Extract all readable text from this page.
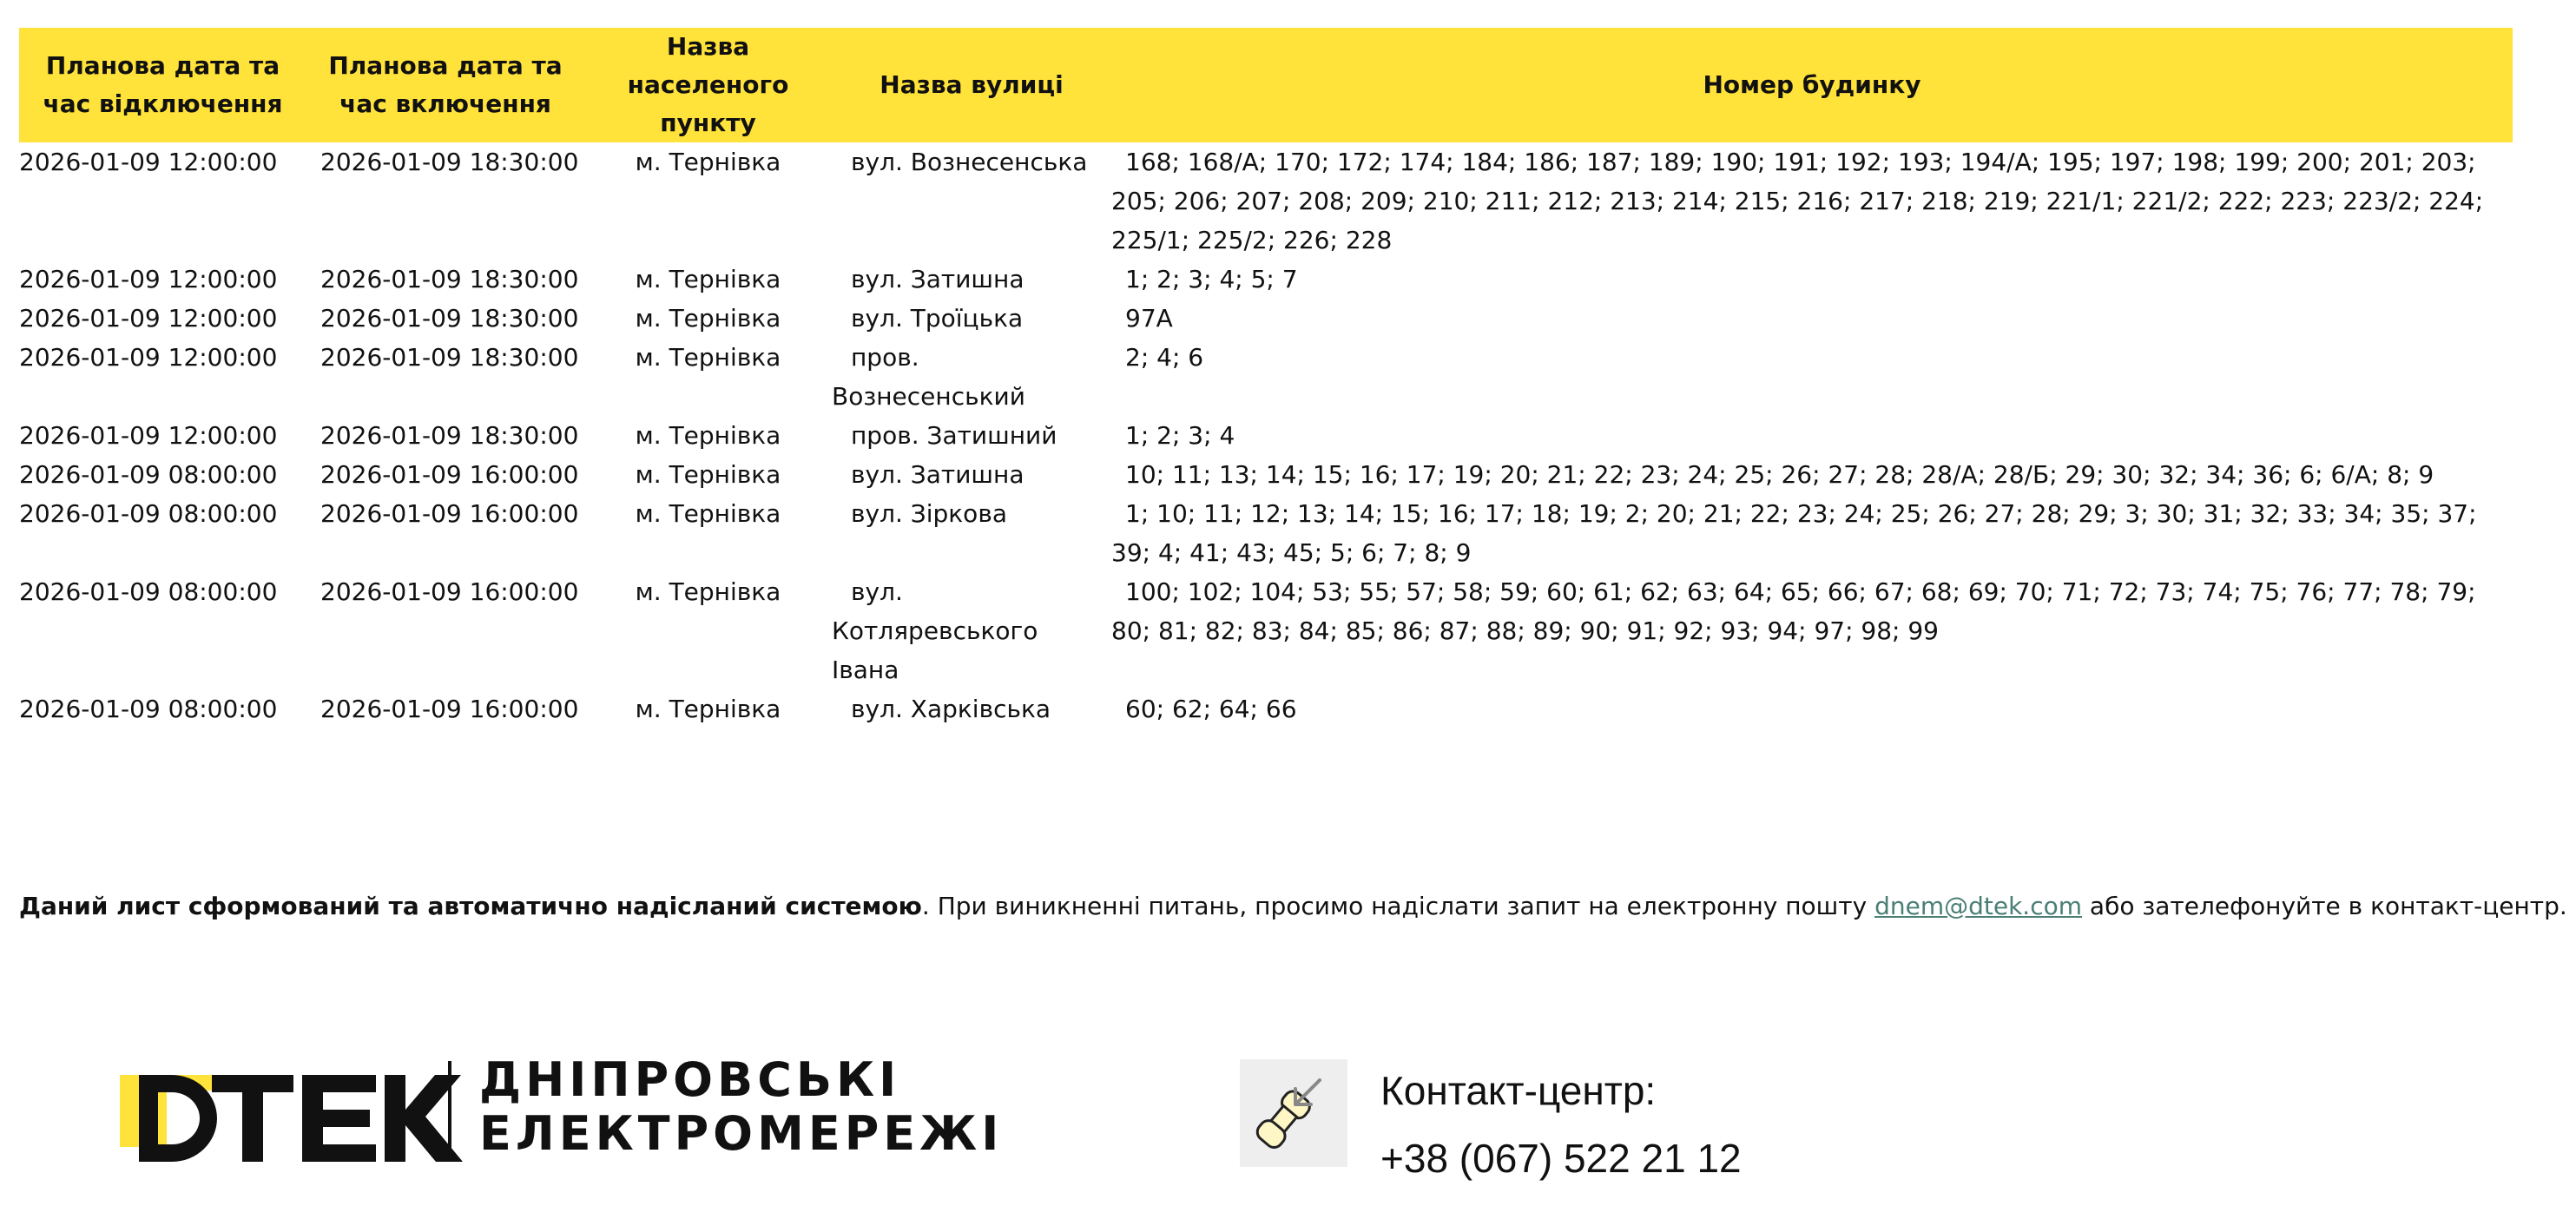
Планова дата та час відключення	Планова дата та час включення	Назва населеного пункту	Назва вулиці	Номер будинку
2026-01-09 12:00:00	2026-01-09 18:30:00	м. Тернівка	вул. Вознесенська	168; 168/А; 170; 172; 174; 184; 186; 187; 189; 190; 191; 192; 193; 194/А; 195; 197; 198; 199; 200; 201; 203; 205; 206; 207; 208; 209; 210; 211; 212; 213; 214; 215; 216; 217; 218; 219; 221/1; 221/2; 222; 223; 223/2; 224; 225/1; 225/2; 226; 228
2026-01-09 12:00:00	2026-01-09 18:30:00	м. Тернівка	вул. Затишна	1; 2; 3; 4; 5; 7
2026-01-09 12:00:00	2026-01-09 18:30:00	м. Тернівка	вул. Троїцька	97А
2026-01-09 12:00:00	2026-01-09 18:30:00	м. Тернівка	пров. Вознесенський	2; 4; 6
2026-01-09 12:00:00	2026-01-09 18:30:00	м. Тернівка	пров. Затишний	1; 2; 3; 4
2026-01-09 08:00:00	2026-01-09 16:00:00	м. Тернівка	вул. Затишна	10; 11; 13; 14; 15; 16; 17; 19; 20; 21; 22; 23; 24; 25; 26; 27; 28; 28/А; 28/Б; 29; 30; 32; 34; 36; 6; 6/А; 8; 9
2026-01-09 08:00:00	2026-01-09 16:00:00	м. Тернівка	вул. Зіркова	1; 10; 11; 12; 13; 14; 15; 16; 17; 18; 19; 2; 20; 21; 22; 23; 24; 25; 26; 27; 28; 29; 3; 30; 31; 32; 33; 34; 35; 37; 39; 4; 41; 43; 45; 5; 6; 7; 8; 9
2026-01-09 08:00:00	2026-01-09 16:00:00	м. Тернівка	вул. Котляревського Івана	100; 102; 104; 53; 55; 57; 58; 59; 60; 61; 62; 63; 64; 65; 66; 67; 68; 69; 70; 71; 72; 73; 74; 75; 76; 77; 78; 79; 80; 81; 82; 83; 84; 85; 86; 87; 88; 89; 90; 91; 92; 93; 94; 97; 98; 99
2026-01-09 08:00:00	2026-01-09 16:00:00	м. Тернівка	вул. Харківська	60; 62; 64; 66
Даний лист сформований та автоматично надісланий системою. При виникненні питань, просимо надіслати запит на електронну пошту dnem@dtek.com або зателефонуйте в контакт-центр.
ДНІПРОВСЬКІ
ЕЛЕКТРОМЕРЕЖІ
Контакт-центр:
+38 (067) 522 21 12
